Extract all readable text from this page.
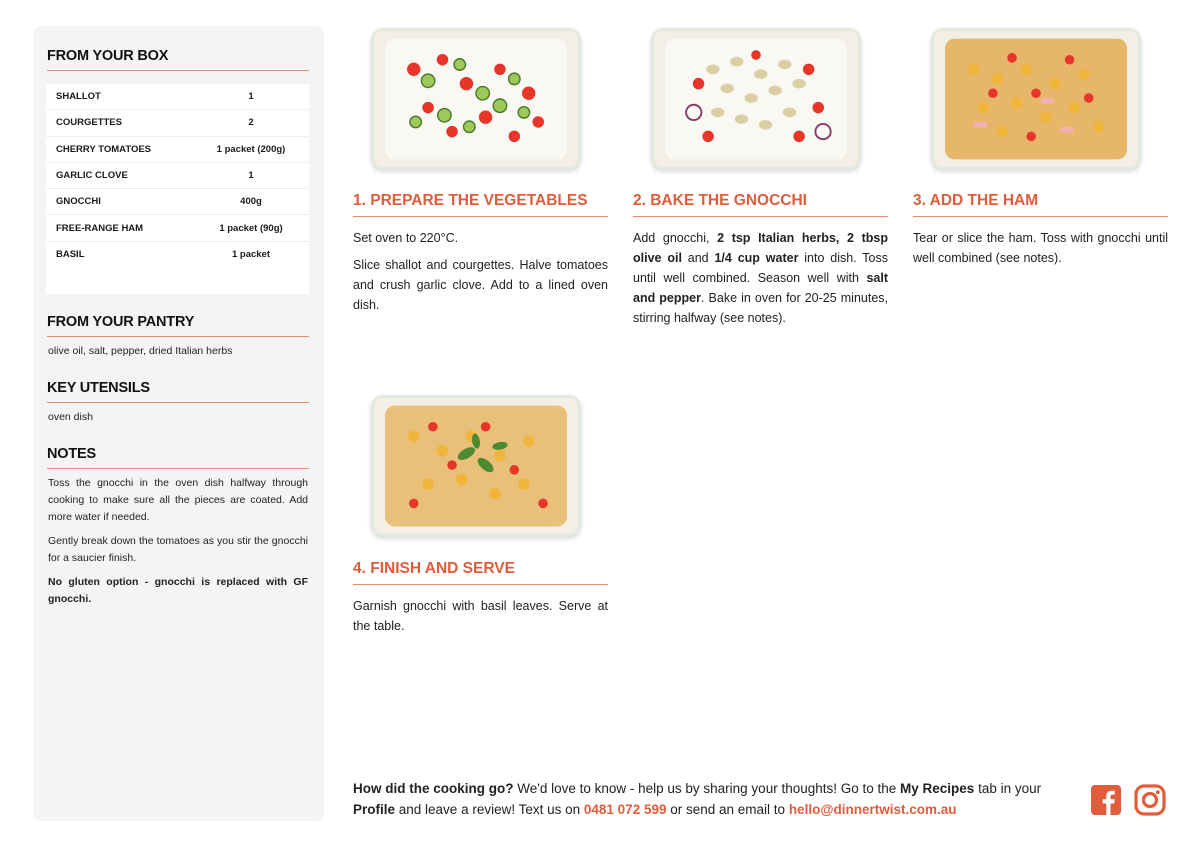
FROM YOUR BOX
SHALLOT	1
COURGETTES	2
CHERRY TOMATOES	1 packet (200g)
GARLIC CLOVE	1
GNOCCHI	400g
FREE-RANGE HAM	1 packet (90g)
BASIL	1 packet
FROM YOUR PANTRY
olive oil, salt, pepper, dried Italian herbs
KEY UTENSILS
oven dish
NOTES

Toss the gnocchi in the oven dish halfway through cooking to make sure all the pieces are coated. Add more water if needed.

Gently break down the tomatoes as you stir the gnocchi for a saucier finish.

No gluten option - gnocchi is replaced with GF gnocchi.

1. PREPARE THE VEGETABLES

Set oven to 220°C.

Slice shallot and courgettes. Halve tomatoes and crush garlic clove. Add to a lined oven dish.

2. BAKE THE GNOCCHI

Add gnocchi, 2 tsp Italian herbs, 2 tbsp olive oil and 1/4 cup water into dish. Toss until well combined. Season well with salt and pepper. Bake in oven for 20-25 minutes, stirring halfway (see notes).

3. ADD THE HAM

Tear or slice the ham. Toss with gnocchi until well combined (see notes).

4. FINISH AND SERVE

Garnish gnocchi with basil leaves. Serve at the table.

How did the cooking go? We'd love to know - help us by sharing your thoughts! Go to the My Recipes tab in your Profile and leave a review! Text us on 0481 072 599 or send an email to hello@dinnertwist.com.au
